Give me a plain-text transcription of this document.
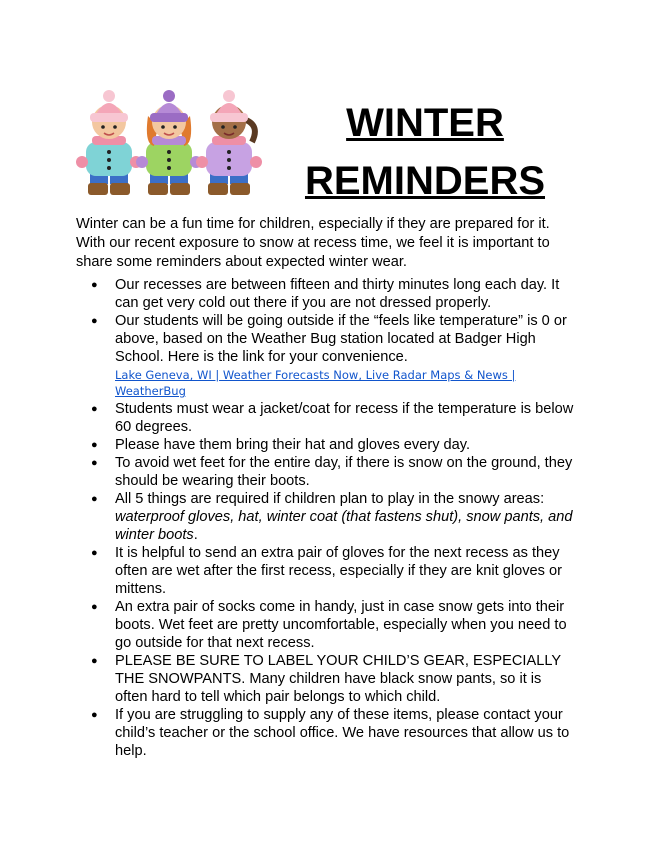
WINTER
REMINDERS

Winter can be a fun time for children, especially if they are prepared for it. With our recent exposure to snow at recess time, we feel it is important to share some reminders about expected winter wear.

● Our recesses are between fifteen and thirty minutes long each day. It can get very cold out there if you are not dressed properly.
● Our students will be going outside if the “feels like temperature” is 0 or above, based on the Weather Bug station located at Badger High School. Here is the link for your convenience.
Lake Geneva, WI | Weather Forecasts Now, Live Radar Maps & News |
WeatherBug
● Students must wear a jacket/coat for recess if the temperature is below 60 degrees.
● Please have them bring their hat and gloves every day.
● To avoid wet feet for the entire day, if there is snow on the ground, they should be wearing their boots.
● All 5 things are required if children plan to play in the snowy areas: waterproof gloves, hat, winter coat (that fastens shut), snow pants, and winter boots.
● It is helpful to send an extra pair of gloves for the next recess as they often are wet after the first recess, especially if they are knit gloves or mittens.
● An extra pair of socks come in handy, just in case snow gets into their boots. Wet feet are pretty uncomfortable, especially when you need to go outside for that next recess.
● PLEASE BE SURE TO LABEL YOUR CHILD’S GEAR, ESPECIALLY THE SNOWPANTS. Many children have black snow pants, so it is often hard to tell which pair belongs to which child.
● If you are struggling to supply any of these items, please contact your child’s teacher or the school office. We have resources that allow us to help.
